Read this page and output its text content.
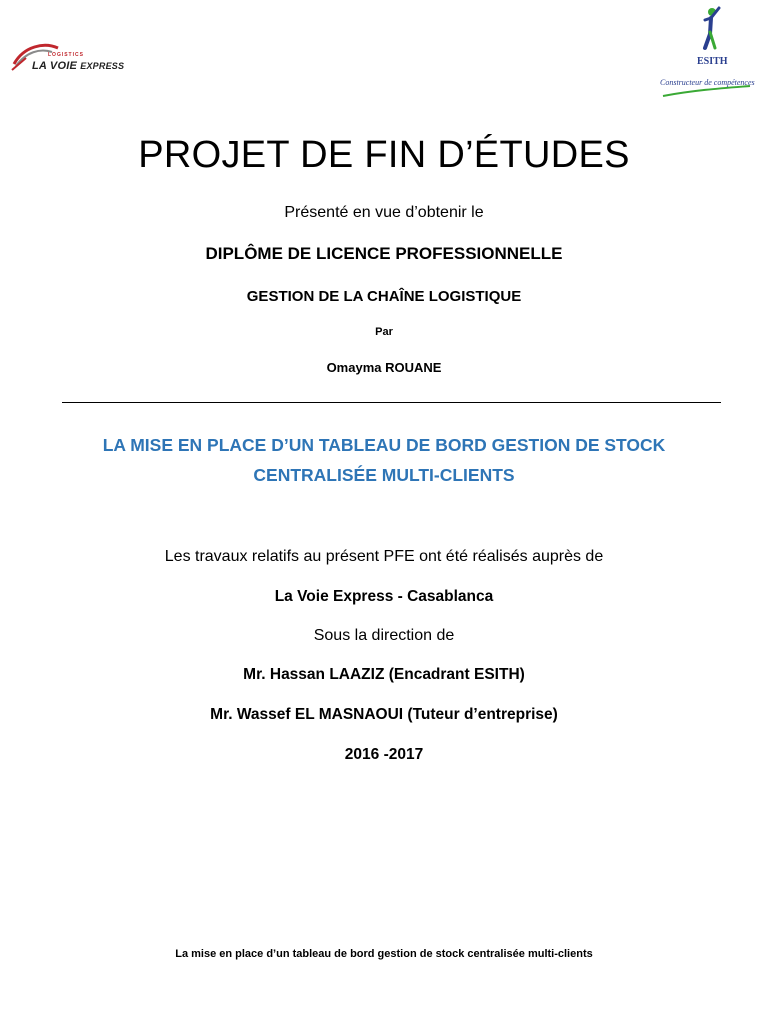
LOGISTICS
LA VOIE EXPRESS	ESITH
Constructeur de compétences
PROJET DE FIN D’ÉTUDES
Présenté en vue d’obtenir le
DIPLÔME DE LICENCE PROFESSIONNELLE
GESTION DE LA CHAÎNE LOGISTIQUE
Par
Omayma ROUANE
LA MISE EN PLACE D’UN TABLEAU DE BORD GESTION DE STOCK
CENTRALISÉE MULTI-CLIENTS
Les travaux relatifs au présent PFE ont été réalisés auprès de
La Voie Express - Casablanca
Sous la direction de
Mr. Hassan LAAZIZ (Encadrant ESITH)
Mr. Wassef EL MASNAOUI (Tuteur d’entreprise)
2016 -2017
La mise en place d’un tableau de bord gestion de stock centralisée multi-clients
